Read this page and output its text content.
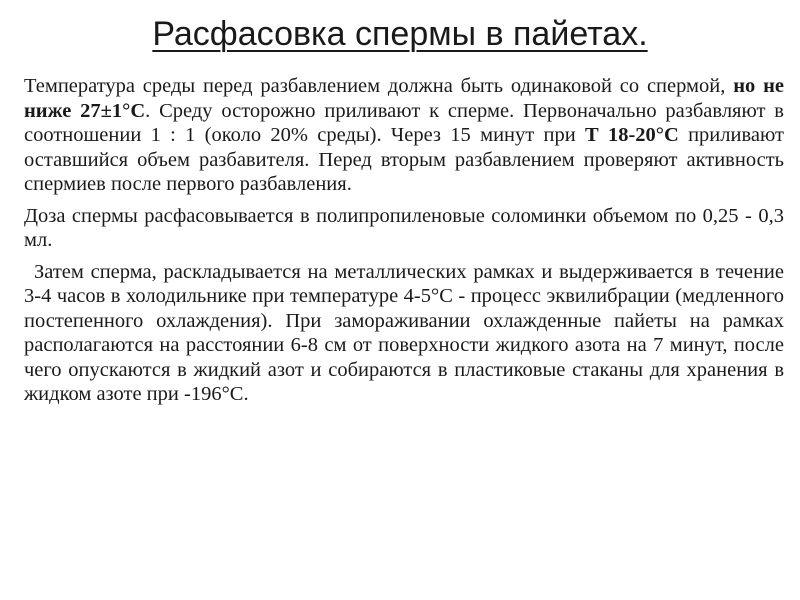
Расфасовка спермы в пайетах.

Температура среды перед разбавлением должна быть одинаковой со спермой, но не ниже 27±1°С. Среду осторожно приливают к сперме. Первоначально разбавляют в соотношении 1 : 1 (около 20% среды). Через 15 минут при Т 18-20°С приливают оставшийся объем разбавителя. Перед вторым разбавлением проверяют активность спермиев после первого разбавления.

Доза спермы расфасовывается в полипропиленовые соломинки объемом по 0,25 - 0,3 мл.

Затем сперма, раскладывается на металлических рамках и выдерживается в течение 3-4 часов в холодильнике при температуре 4-5°С - процесс эквилибрации (медленного постепенного охлаждения). При замораживании охлажденные пайеты на рамках располагаются на расстоянии 6-8 см от поверхности жидкого азота на 7 минут, после чего опускаются в жидкий азот и собираются в пластиковые стаканы для хранения в жидком азоте при -196°С.
